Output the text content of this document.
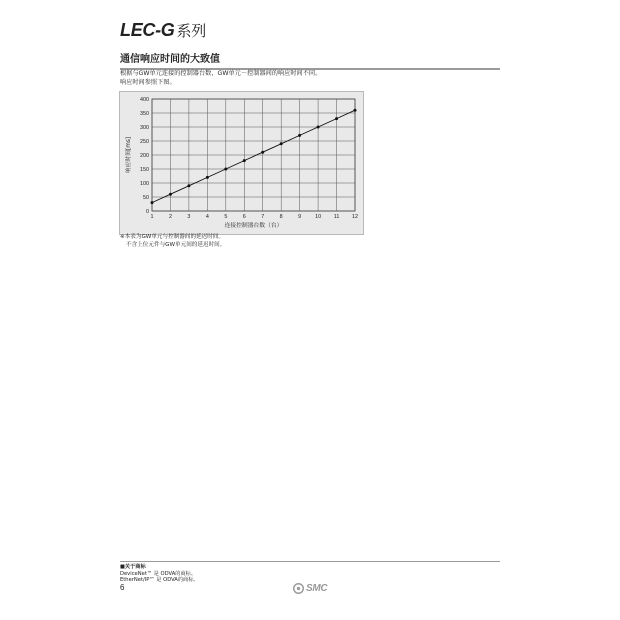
LEC-G 系列
通信响应时间的大致值
根据与GW单元连接的控制器台数，GW单元－控制器间的响应时间不同。
响应时间参照下图。
0
50
100
150
200
250
300
350
400
1	2	3	4	5	6	7	8	9	10 11 12
连接控制器台数（台）
响应时间[ms]
※本表为GW单元与控制器间的延迟时间。
不含上位元件与GW单元间的延迟时间。
■关于商标
DeviceNet™ 是 ODVA的商标。
EtherNet/IP™ 是 ODVA的商标。
6	SMC
